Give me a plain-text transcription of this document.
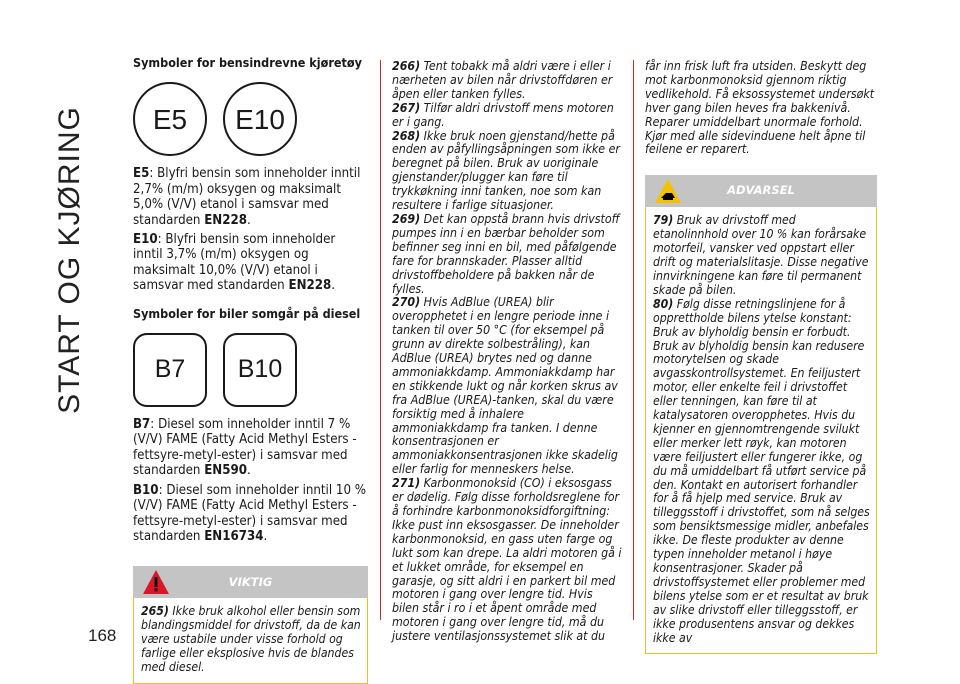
START OG KJØRING
168
Symboler for bensindrevne kjøretøy
E5	E10

E5: Blyfri bensin som inneholder inntil 2,7% (m/m) oksygen og maksimalt 5,0% (V/V) etanol i samsvar med standarden EN228.

E10: Blyfri bensin som inneholder inntil 3,7% (m/m) oksygen og maksimalt 10,0% (V/V) etanol i samsvar med standarden EN228.

Symboler for biler somgår på diesel
B7	B10

B7: Diesel som inneholder inntil 7 % (V/V) FAME (Fatty Acid Methyl Esters - fettsyre-metyl-ester) i samsvar med standarden EN590.

B10: Diesel som inneholder inntil 10 % (V/V) FAME (Fatty Acid Methyl Esters - fettsyre-metyl-ester) i samsvar med standarden EN16734.

VIKTIG

265) Ikke bruk alkohol eller bensin som blandingsmiddel for drivstoff, da de kan være ustabile under visse forhold og farlige eller eksplosive hvis de blandes med diesel.

266) Tent tobakk må aldri være i eller i nærheten av bilen når drivstoffdøren er åpen eller tanken fylles.

267) Tilfør aldri drivstoff mens motoren er i gang.

268) Ikke bruk noen gjenstand/hette på enden av påfyllingsåpningen som ikke er beregnet på bilen. Bruk av uoriginale gjenstander/plugger kan føre til trykkøkning inni tanken, noe som kan resultere i farlige situasjoner.

269) Det kan oppstå brann hvis drivstoff pumpes inn i en bærbar beholder som befinner seg inni en bil, med påfølgende fare for brannskader. Plasser alltid drivstoffbeholdere på bakken når de fylles.

270) Hvis AdBlue (UREA) blir overopphetet i en lengre periode inne i tanken til over 50 °C (for eksempel på grunn av direkte solbestråling), kan AdBlue (UREA) brytes ned og danne ammoniakkdamp. Ammoniakkdamp har en stikkende lukt og når korken skrus av fra AdBlue (UREA)-tanken, skal du være forsiktig med å inhalere ammoniakkdamp fra tanken. I denne konsentrasjonen er ammoniakkonsentrasjonen ikke skadelig eller farlig for menneskers helse.

271) Karbonmonoksid (CO) i eksosgass er dødelig. Følg disse forholdsreglene for å forhindre karbonmonoksidforgiftning: Ikke pust inn eksosgasser. De inneholder karbonmonoksid, en gass uten farge og lukt som kan drepe. La aldri motoren gå i et lukket område, for eksempel en garasje, og sitt aldri i en parkert bil med motoren i gang over lengre tid. Hvis bilen står i ro i et åpent område med motoren i gang over lengre tid, må du justere ventilasjonssystemet slik at du

får inn frisk luft fra utsiden. Beskytt deg mot karbonmonoksid gjennom riktig vedlikehold. Få eksossystemet undersøkt hver gang bilen heves fra bakkenivå. Reparer umiddelbart unormale forhold. Kjør med alle sidevinduene helt åpne til feilene er reparert.

ADVARSEL

79) Bruk av drivstoff med etanolinnhold over 10 % kan forårsake motorfeil, vansker ved oppstart eller drift og materialslitasje. Disse negative innvirkningene kan føre til permanent skade på bilen.

80) Følg disse retningslinjene for å opprettholde bilens ytelse konstant: Bruk av blyholdig bensin er forbudt. Bruk av blyholdig bensin kan redusere motorytelsen og skade avgasskontrollsystemet. En feiljustert motor, eller enkelte feil i drivstoffet eller tenningen, kan føre til at katalysatoren overopphetes. Hvis du kjenner en gjennomtrengende svilukt eller merker lett røyk, kan motoren være feiljustert eller fungerer ikke, og du må umiddelbart få utført service på den. Kontakt en autorisert forhandler for å få hjelp med service. Bruk av tilleggsstoff i drivstoffet, som nå selges som bensiktsmessige midler, anbefales ikke. De fleste produkter av denne typen inneholder metanol i høye konsentrasjoner. Skader på drivstoffsystemet eller problemer med bilens ytelse som er et resultat av bruk av slike drivstoff eller tilleggsstoff, er ikke produsentens ansvar og dekkes ikke av
